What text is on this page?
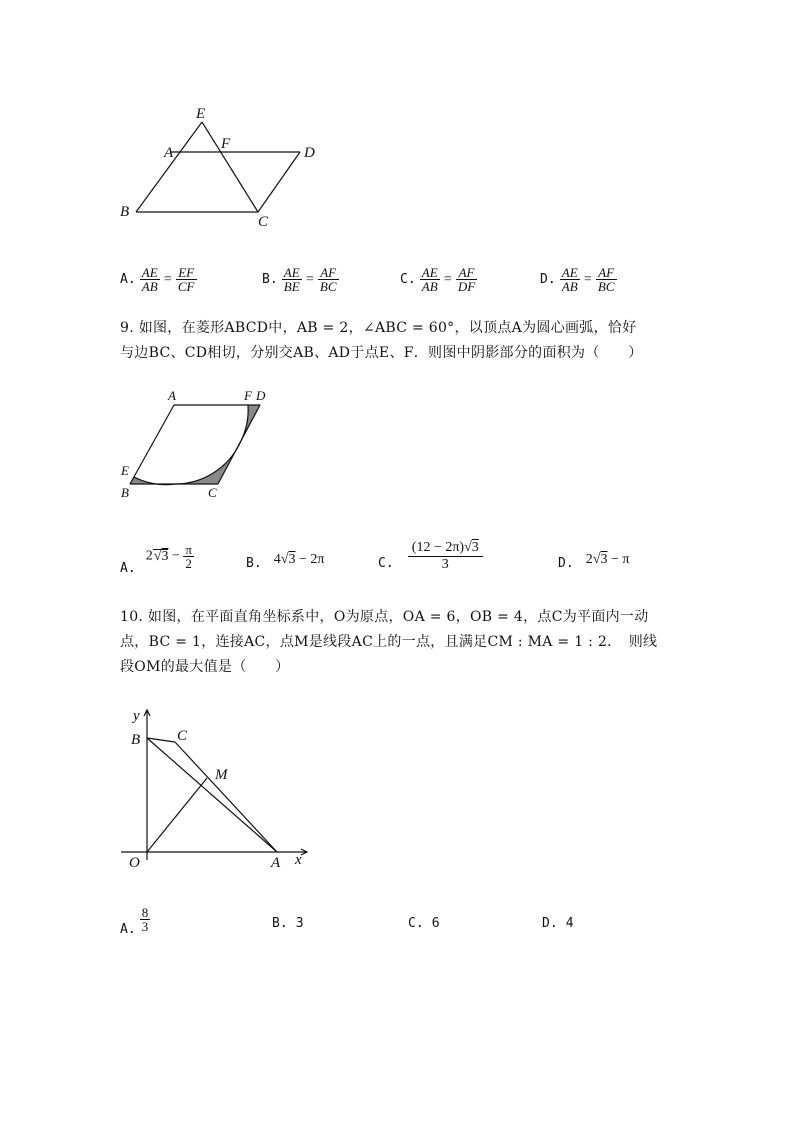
E
A
F
D
B
C
A. $\frac{AE}{AB} = \frac{EF}{CF}$	B. $\frac{AE}{BE} = \frac{AF}{BC}$	C. $\frac{AE}{AB} = \frac{AF}{DF}$	D. $\frac{AE}{AB} = \frac{AF}{BC}$
9. 如图，在菱形ABCD中，AB = 2，∠ABC = 60°，以顶点A为圆心画弧，恰好
与边BC、CD相切，分别交AB、AD于点E、F．则图中阴影部分的面积为（　　）
A	F D
E
B	C
A. $2√3 - \frac{\pi}{2}$	B. 4√3 − 2π	C. $\frac{(12 - 2\pi)√3}{3}$	D. 2√3 − π
10. 如图，在平面直角坐标系中，O为原点，OA = 6，OB = 4，点C为平面内一动
点，BC = 1，连接AC，点M是线段AC上的一点，且满足CM : MA = 1 : 2．　则线
段OM的最大值是（　　）
y
B C
M
O	A x
A. $\frac{8}{3}$	B. 3	C. 6	D. 4
